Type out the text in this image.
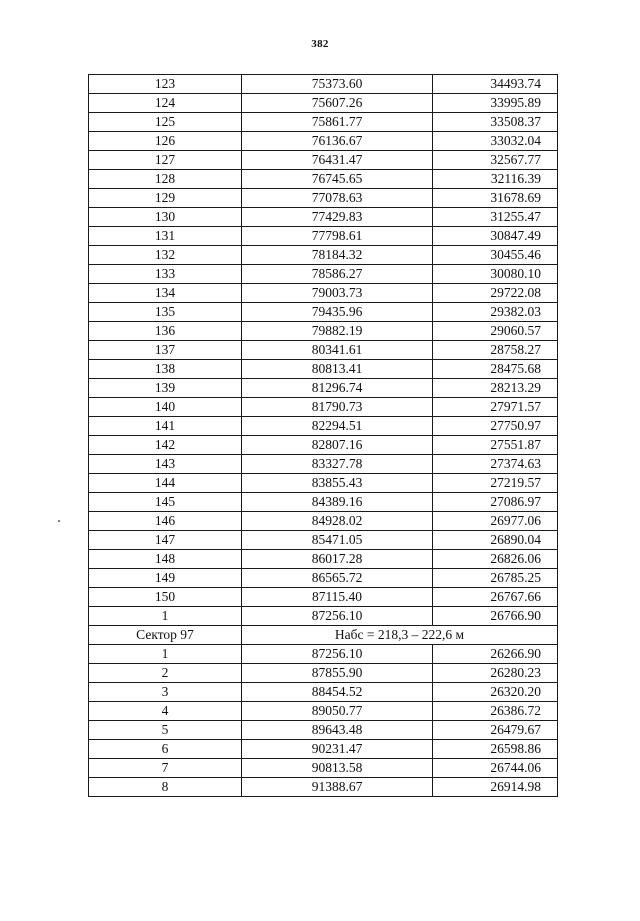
382
123	75373.60	34493.74
124	75607.26	33995.89
125	75861.77	33508.37
126	76136.67	33032.04
127	76431.47	32567.77
128	76745.65	32116.39
129	77078.63	31678.69
130	77429.83	31255.47
131	77798.61	30847.49
132	78184.32	30455.46
133	78586.27	30080.10
134	79003.73	29722.08
135	79435.96	29382.03
136	79882.19	29060.57
137	80341.61	28758.27
138	80813.41	28475.68
139	81296.74	28213.29
140	81790.73	27971.57
141	82294.51	27750.97
142	82807.16	27551.87
143	83327.78	27374.63
144	83855.43	27219.57
145	84389.16	27086.97
146	84928.02	26977.06
147	85471.05	26890.04
148	86017.28	26826.06
149	86565.72	26785.25
150	87115.40	26767.66
1	87256.10	26766.90
Сектор 97	Набс = 218,3 – 222,6 м	
1	87256.10	26266.90
2	87855.90	26280.23
3	88454.52	26320.20
4	89050.77	26386.72
5	89643.48	26479.67
6	90231.47	26598.86
7	90813.58	26744.06
8	91388.67	26914.98
